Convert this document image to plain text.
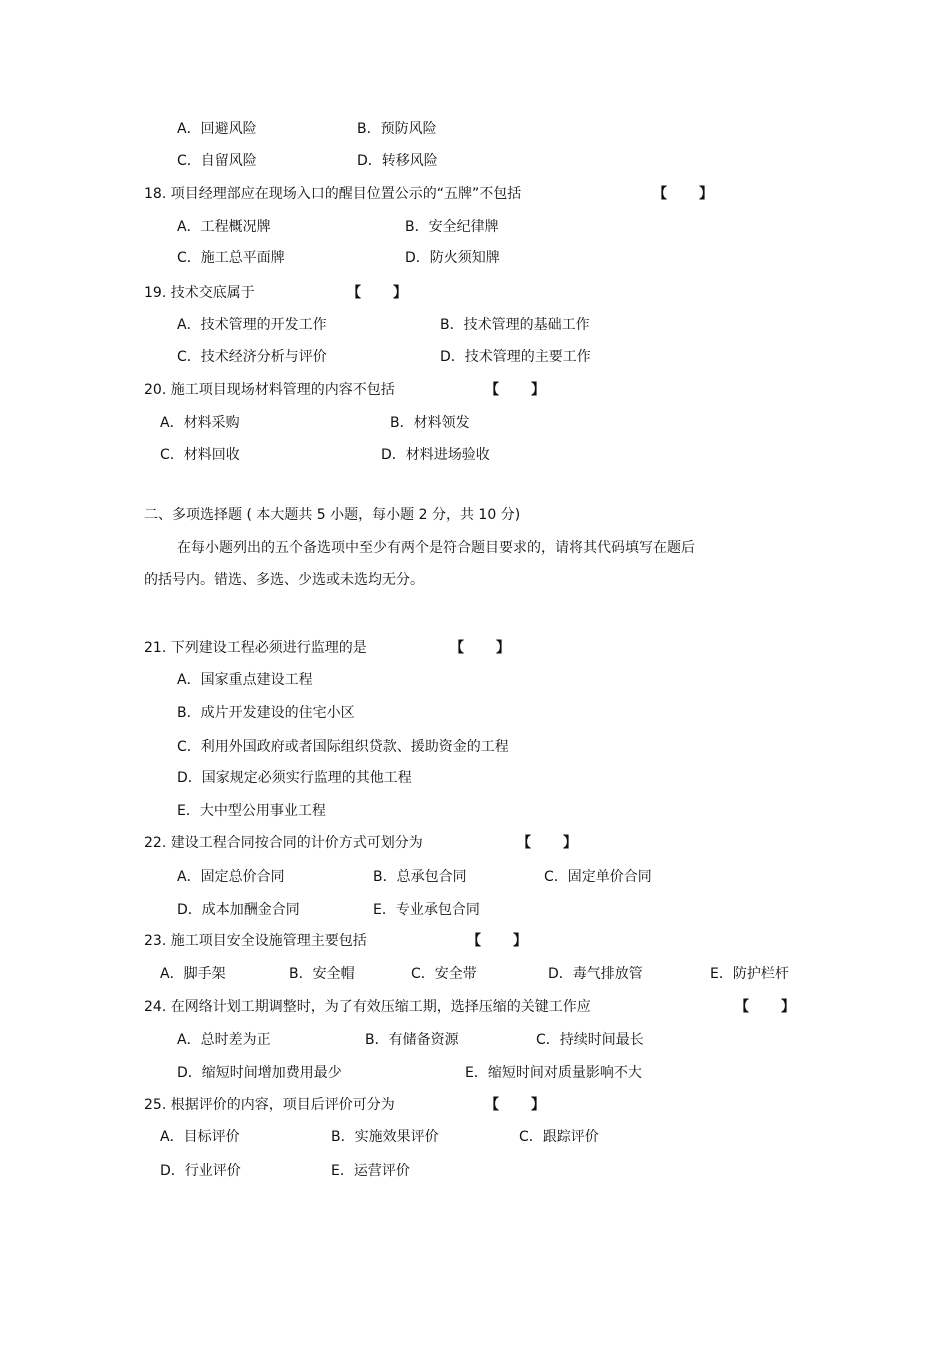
A．回避风险	B．预防风险
C．自留风险	D．转移风险
18. 项目经理部应在现场入口的醒目位置公示的“五牌”不包括	【 】
A．工程概况牌	B．安全纪律牌
C．施工总平面牌	D．防火须知牌
19. 技术交底属于	【 】
A．技术管理的开发工作	B．技术管理的基础工作
C．技术经济分析与评价	D．技术管理的主要工作
20. 施工项目现场材料管理的内容不包括	【 】
A．材料采购	B．材料领发
C．材料回收	D．材料进场验收
二、多项选择题 ( 本大题共 5 小题，每小题 2 分，共 10 分)
在每小题列出的五个备选项中至少有两个是符合题目要求的，请将其代码填写在题后
的括号内。错选、多选、少选或未选均无分。
21. 下列建设工程必须进行监理的是	【 】
A．国家重点建设工程
B．成片开发建设的住宅小区
C．利用外国政府或者国际组织贷款、援助资金的工程
D．国家规定必须实行监理的其他工程
E．大中型公用事业工程
22. 建设工程合同按合同的计价方式可划分为	【 】
A．固定总价合同	B．总承包合同	C．固定单价合同
D．成本加酬金合同	E．专业承包合同
23. 施工项目安全设施管理主要包括	【 】
A．脚手架	B．安全帽	C．安全带	D．毒气排放管	E．防护栏杆
24. 在网络计划工期调整时，为了有效压缩工期，选择压缩的关键工作应	【 】
A．总时差为正	B．有储备资源	C．持续时间最长
D．缩短时间增加费用最少	E．缩短时间对质量影响不大
25. 根据评价的内容，项目后评价可分为	【 】
A．目标评价	B．实施效果评价	C．跟踪评价
D．行业评价	E．运营评价
